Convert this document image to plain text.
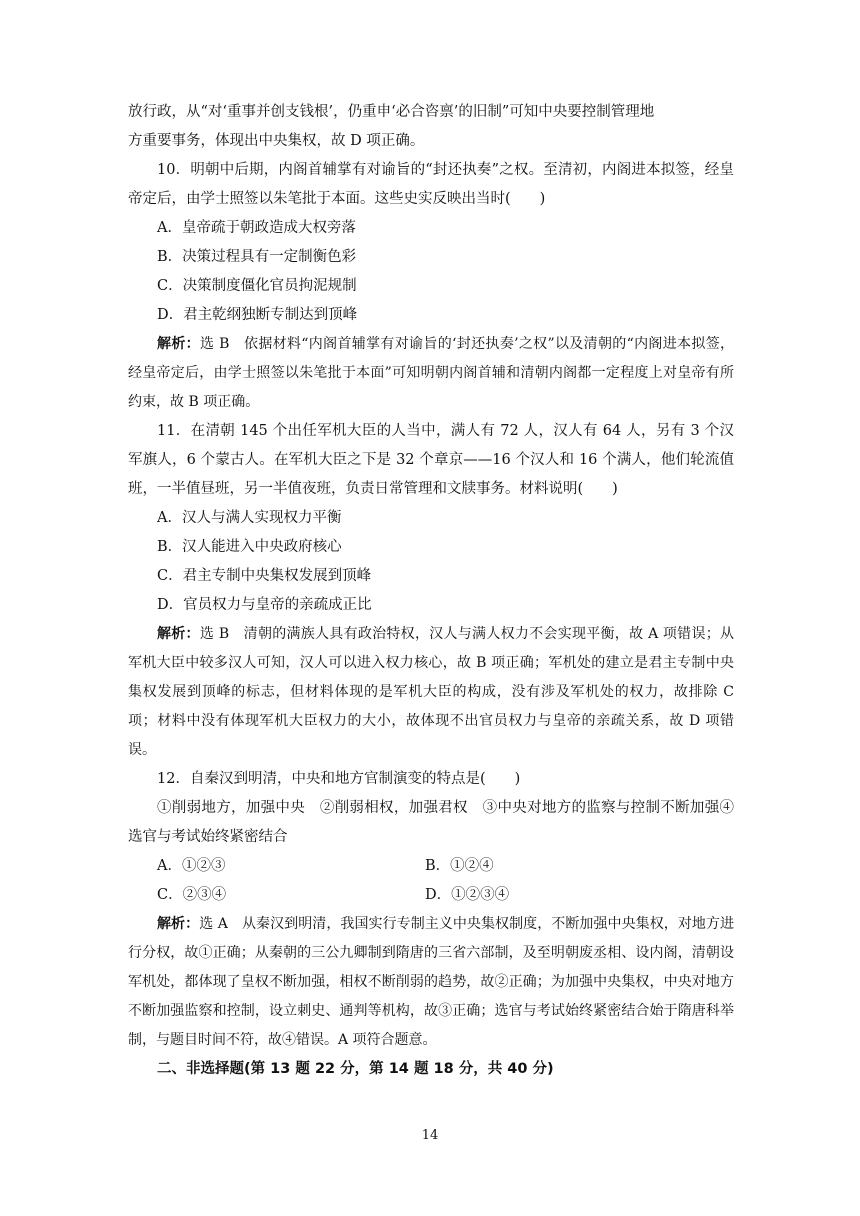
放行政，从“对‘重事并创支钱根’，仍重申‘必合咨禀’的旧制”可知中央要控制管理地
方重要事务，体现出中央集权，故 D 项正确。
10．明朝中后期，内阁首辅掌有对谕旨的“封还执奏”之权。至清初，内阁进本拟签，经皇帝定后，由学士照签以朱笔批于本面。这些史实反映出当时(　　)
A．皇帝疏于朝政造成大权旁落
B．决策过程具有一定制衡色彩
C．决策制度僵化官员拘泥规制
D．君主乾纲独断专制达到顶峰
解析：选 B　依据材料“内阁首辅掌有对谕旨的‘封还执奏’之权”以及清朝的“内阁进本拟签，经皇帝定后，由学士照签以朱笔批于本面”可知明朝内阁首辅和清朝内阁都一定程度上对皇帝有所约束，故 B 项正确。
11．在清朝 145 个出任军机大臣的人当中，满人有 72 人，汉人有 64 人，另有 3 个汉军旗人，6 个蒙古人。在军机大臣之下是 32 个章京——16 个汉人和 16 个满人，他们轮流值班，一半值昼班，另一半值夜班，负责日常管理和文牍事务。材料说明(　　)
A．汉人与满人实现权力平衡
B．汉人能进入中央政府核心
C．君主专制中央集权发展到顶峰
D．官员权力与皇帝的亲疏成正比
解析：选 B　清朝的满族人具有政治特权，汉人与满人权力不会实现平衡，故 A 项错误；从军机大臣中较多汉人可知，汉人可以进入权力核心，故 B 项正确；军机处的建立是君主专制中央集权发展到顶峰的标志，但材料体现的是军机大臣的构成，没有涉及军机处的权力，故排除 C 项；材料中没有体现军机大臣权力的大小，故体现不出官员权力与皇帝的亲疏关系，故 D 项错误。
12．自秦汉到明清，中央和地方官制演变的特点是(　　)
①削弱地方，加强中央　②削弱相权，加强君权　③中央对地方的监察与控制不断加强④选官与考试始终紧密结合
A．①②③	B．①②④
C．②③④	D．①②③④
解析：选 A　从秦汉到明清，我国实行专制主义中央集权制度，不断加强中央集权，对地方进行分权，故①正确；从秦朝的三公九卿制到隋唐的三省六部制，及至明朝废丞相、设内阁，清朝设军机处，都体现了皇权不断加强，相权不断削弱的趋势，故②正确；为加强中央集权，中央对地方不断加强监察和控制，设立刺史、通判等机构，故③正确；选官与考试始终紧密结合始于隋唐科举制，与题目时间不符，故④错误。A 项符合题意。
二、非选择题(第 13 题 22 分，第 14 题 18 分，共 40 分)
14
